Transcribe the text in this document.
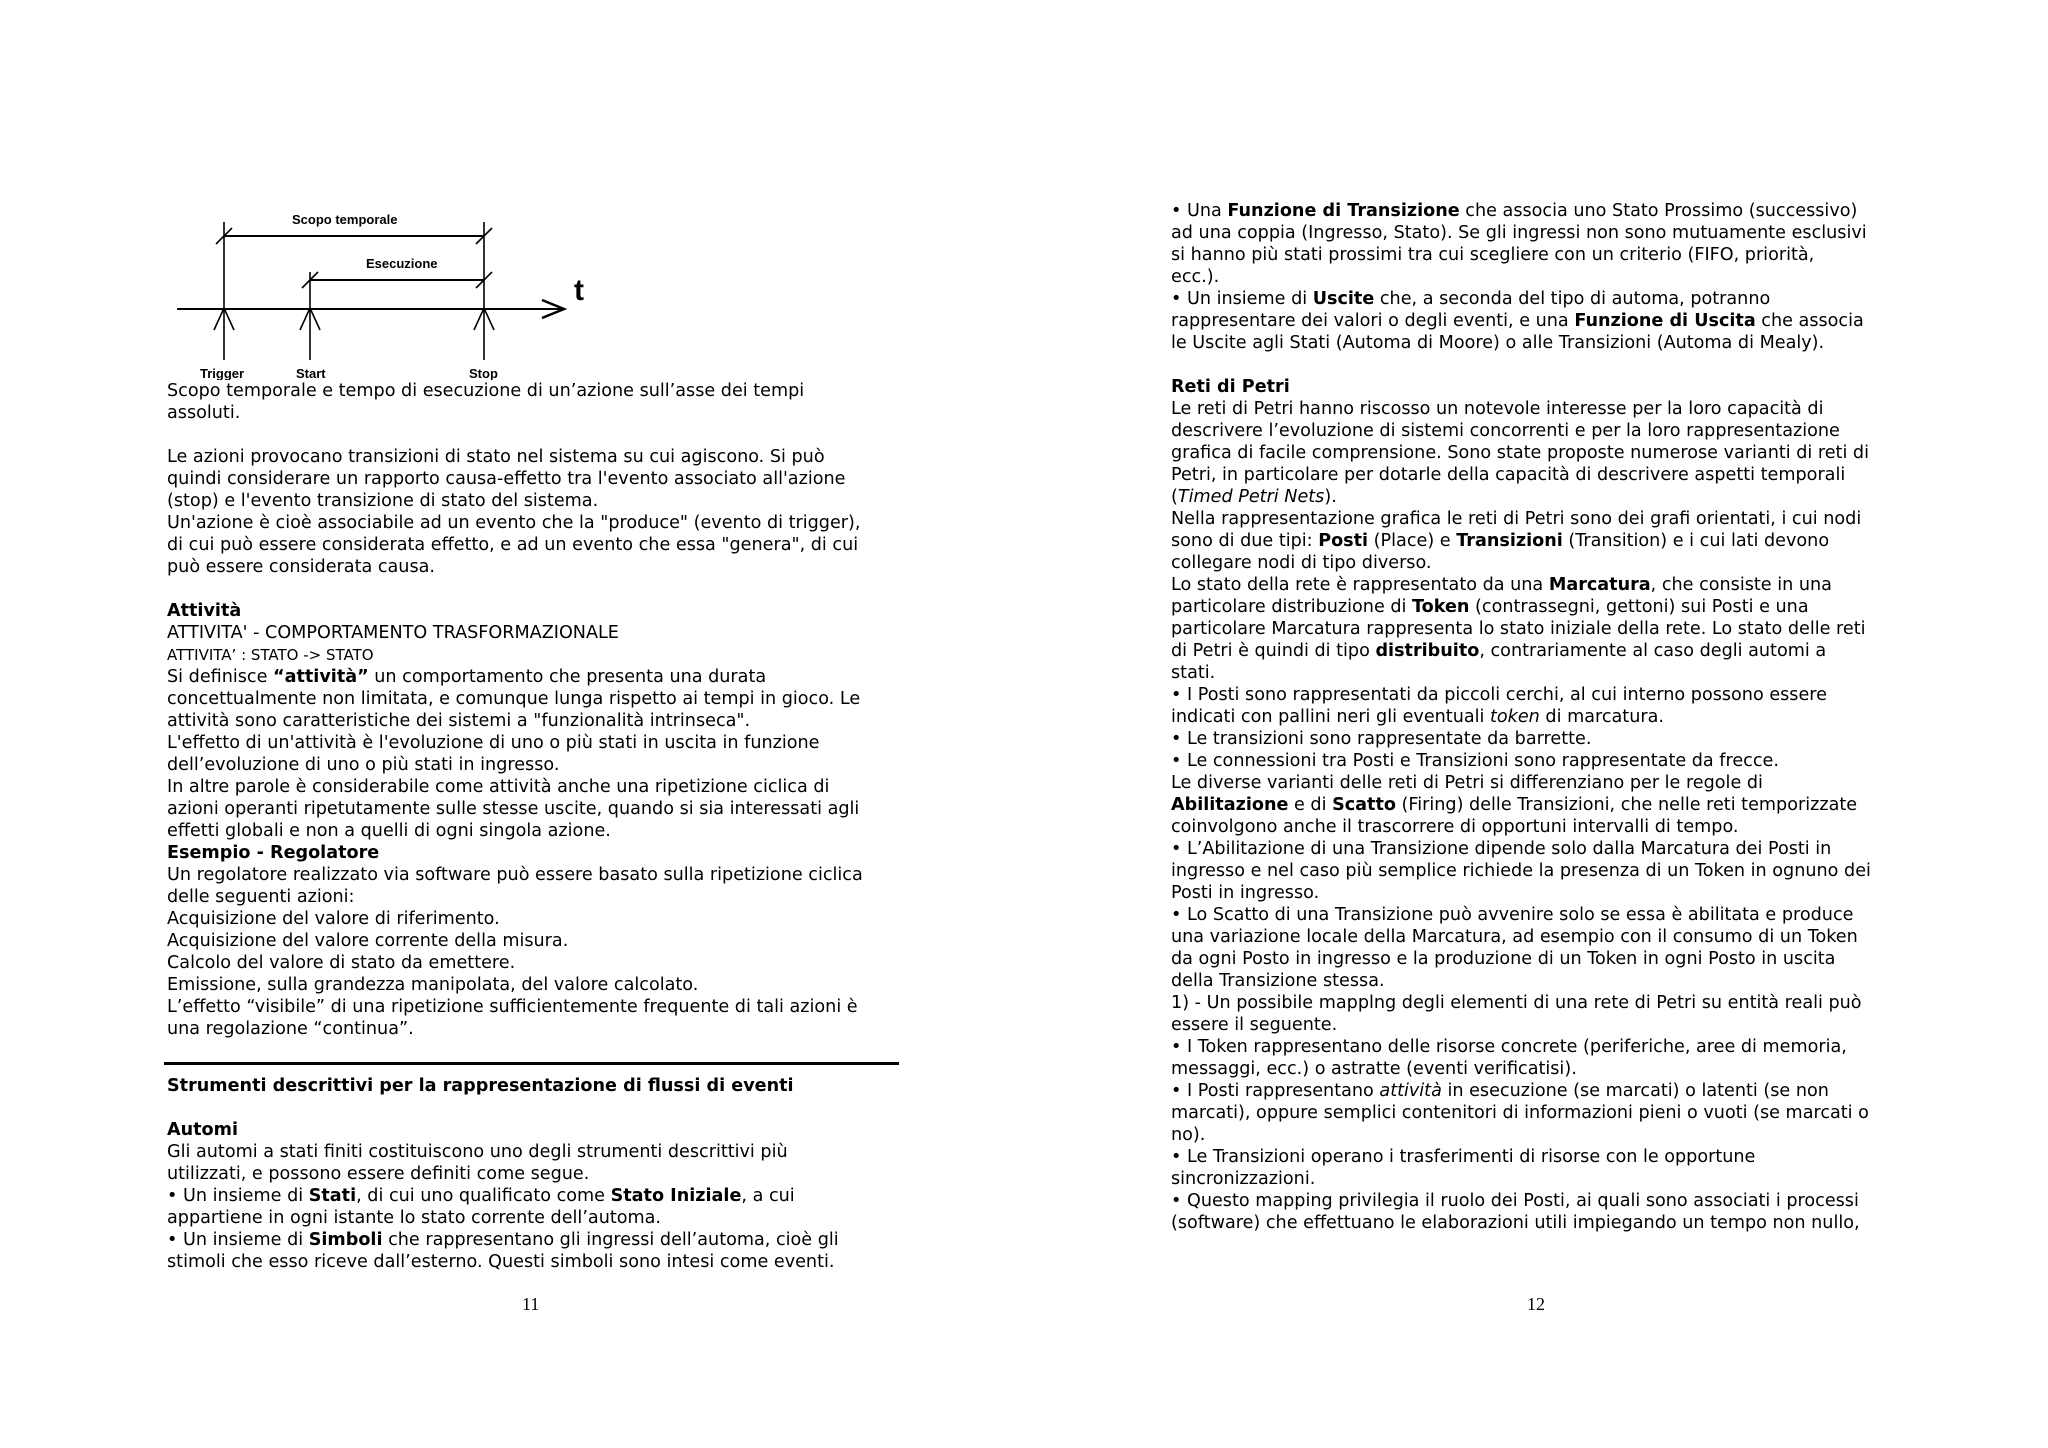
t
Scopo temporale
Esecuzione
Trigger	Start	Stop
Scopo temporale e tempo di esecuzione di un’azione sull’asse dei tempi
assoluti.
Le azioni provocano transizioni di stato nel sistema su cui agiscono. Si può
quindi considerare un rapporto causa-effetto tra l'evento associato all'azione
(stop) e l'evento transizione di stato del sistema.
Un'azione è cioè associabile ad un evento che la "produce" (evento di trigger),
di cui può essere considerata effetto, e ad un evento che essa "genera", di cui
può essere considerata causa.
Attività
ATTIVITA' - COMPORTAMENTO TRASFORMAZIONALE
ATTIVITA’ : STATO -> STATO
Si definisce “attività” un comportamento che presenta una durata
concettualmente non limitata, e comunque lunga rispetto ai tempi in gioco. Le
attività sono caratteristiche dei sistemi a "funzionalità intrinseca".
L'effetto di un'attività è l'evoluzione di uno o più stati in uscita in funzione
dell’evoluzione di uno o più stati in ingresso.
In altre parole è considerabile come attività anche una ripetizione ciclica di
azioni operanti ripetutamente sulle stesse uscite, quando si sia interessati agli
effetti globali e non a quelli di ogni singola azione.
Esempio - Regolatore
Un regolatore realizzato via software può essere basato sulla ripetizione ciclica
delle seguenti azioni:
Acquisizione del valore di riferimento.
Acquisizione del valore corrente della misura.
Calcolo del valore di stato da emettere.
Emissione, sulla grandezza manipolata, del valore calcolato.
L’effetto “visibile” di una ripetizione sufficientemente frequente di tali azioni è
una regolazione “continua”.
Strumenti descrittivi per la rappresentazione di flussi di eventi
Automi
Gli automi a stati finiti costituiscono uno degli strumenti descrittivi più
utilizzati, e possono essere definiti come segue.
• Un insieme di Stati, di cui uno qualificato come Stato Iniziale, a cui
appartiene in ogni istante lo stato corrente dell’automa.
• Un insieme di Simboli che rappresentano gli ingressi dell’automa, cioè gli
stimoli che esso riceve dall’esterno. Questi simboli sono intesi come eventi.
11
• Una Funzione di Transizione che associa uno Stato Prossimo (successivo)
ad una coppia (Ingresso, Stato). Se gli ingressi non sono mutuamente esclusivi
si hanno più stati prossimi tra cui scegliere con un criterio (FIFO, priorità,
ecc.).
• Un insieme di Uscite che, a seconda del tipo di automa, potranno
rappresentare dei valori o degli eventi, e una Funzione di Uscita che associa
le Uscite agli Stati (Automa di Moore) o alle Transizioni (Automa di Mealy).
Reti di Petri
Le reti di Petri hanno riscosso un notevole interesse per la loro capacità di
descrivere l’evoluzione di sistemi concorrenti e per la loro rappresentazione
grafica di facile comprensione. Sono state proposte numerose varianti di reti di
Petri, in particolare per dotarle della capacità di descrivere aspetti temporali
(Timed Petri Nets).
Nella rappresentazione grafica le reti di Petri sono dei grafi orientati, i cui nodi
sono di due tipi: Posti (Place) e Transizioni (Transition) e i cui lati devono
collegare nodi di tipo diverso.
Lo stato della rete è rappresentato da una Marcatura, che consiste in una
particolare distribuzione di Token (contrassegni, gettoni) sui Posti e una
particolare Marcatura rappresenta lo stato iniziale della rete. Lo stato delle reti
di Petri è quindi di tipo distribuito, contrariamente al caso degli automi a
stati.
• I Posti sono rappresentati da piccoli cerchi, al cui interno possono essere
indicati con pallini neri gli eventuali token di marcatura.
• Le transizioni sono rappresentate da barrette.
• Le connessioni tra Posti e Transizioni sono rappresentate da frecce.
Le diverse varianti delle reti di Petri si differenziano per le regole di
Abilitazione e di Scatto (Firing) delle Transizioni, che nelle reti temporizzate
coinvolgono anche il trascorrere di opportuni intervalli di tempo.
• L’Abilitazione di una Transizione dipende solo dalla Marcatura dei Posti in
ingresso e nel caso più semplice richiede la presenza di un Token in ognuno dei
Posti in ingresso.
• Lo Scatto di una Transizione può avvenire solo se essa è abilitata e produce
una variazione locale della Marcatura, ad esempio con il consumo di un Token
da ogni Posto in ingresso e la produzione di un Token in ogni Posto in uscita
della Transizione stessa.
1) - Un possibile mapplng degli elementi di una rete di Petri su entità reali può
essere il seguente.
• I Token rappresentano delle risorse concrete (periferiche, aree di memoria,
messaggi, ecc.) o astratte (eventi verificatisi).
• I Posti rappresentano attività in esecuzione (se marcati) o latenti (se non
marcati), oppure semplici contenitori di informazioni pieni o vuoti (se marcati o
no).
• Le Transizioni operano i trasferimenti di risorse con le opportune
sincronizzazioni.
• Questo mapping privilegia il ruolo dei Posti, ai quali sono associati i processi
(software) che effettuano le elaborazioni utili impiegando un tempo non nullo,
12
